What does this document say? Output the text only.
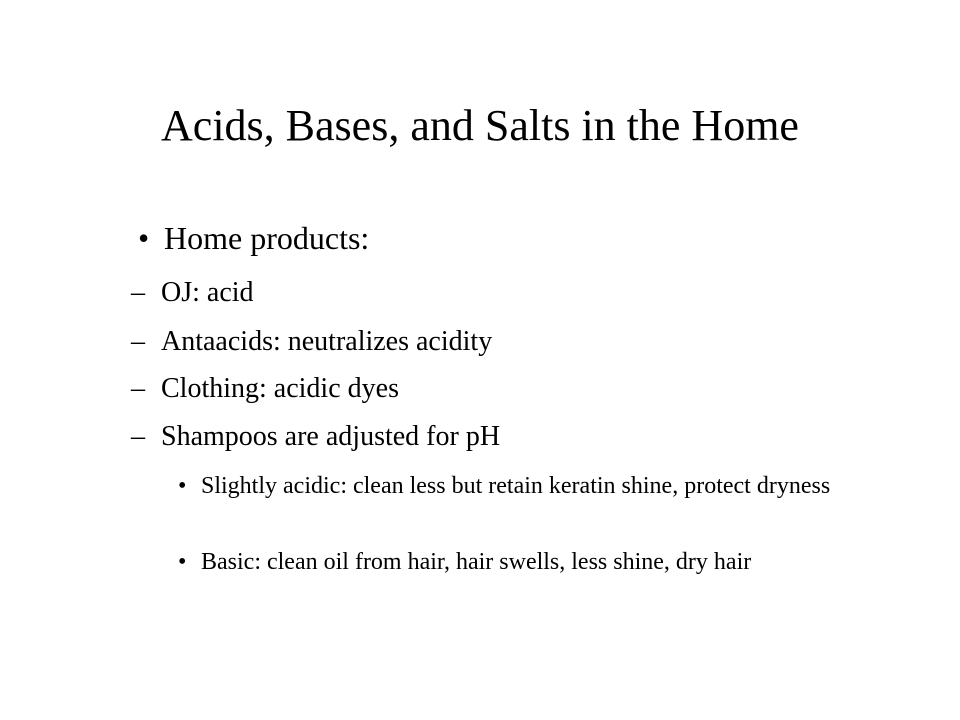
Acids, Bases, and Salts in the Home
• Home products:
– OJ: acid
– Antaacids: neutralizes acidity
– Clothing: acidic dyes
– Shampoos are adjusted for pH
• Slightly acidic: clean less but retain keratin shine, protect dryness
• Basic: clean oil from hair, hair swells, less shine, dry hair
